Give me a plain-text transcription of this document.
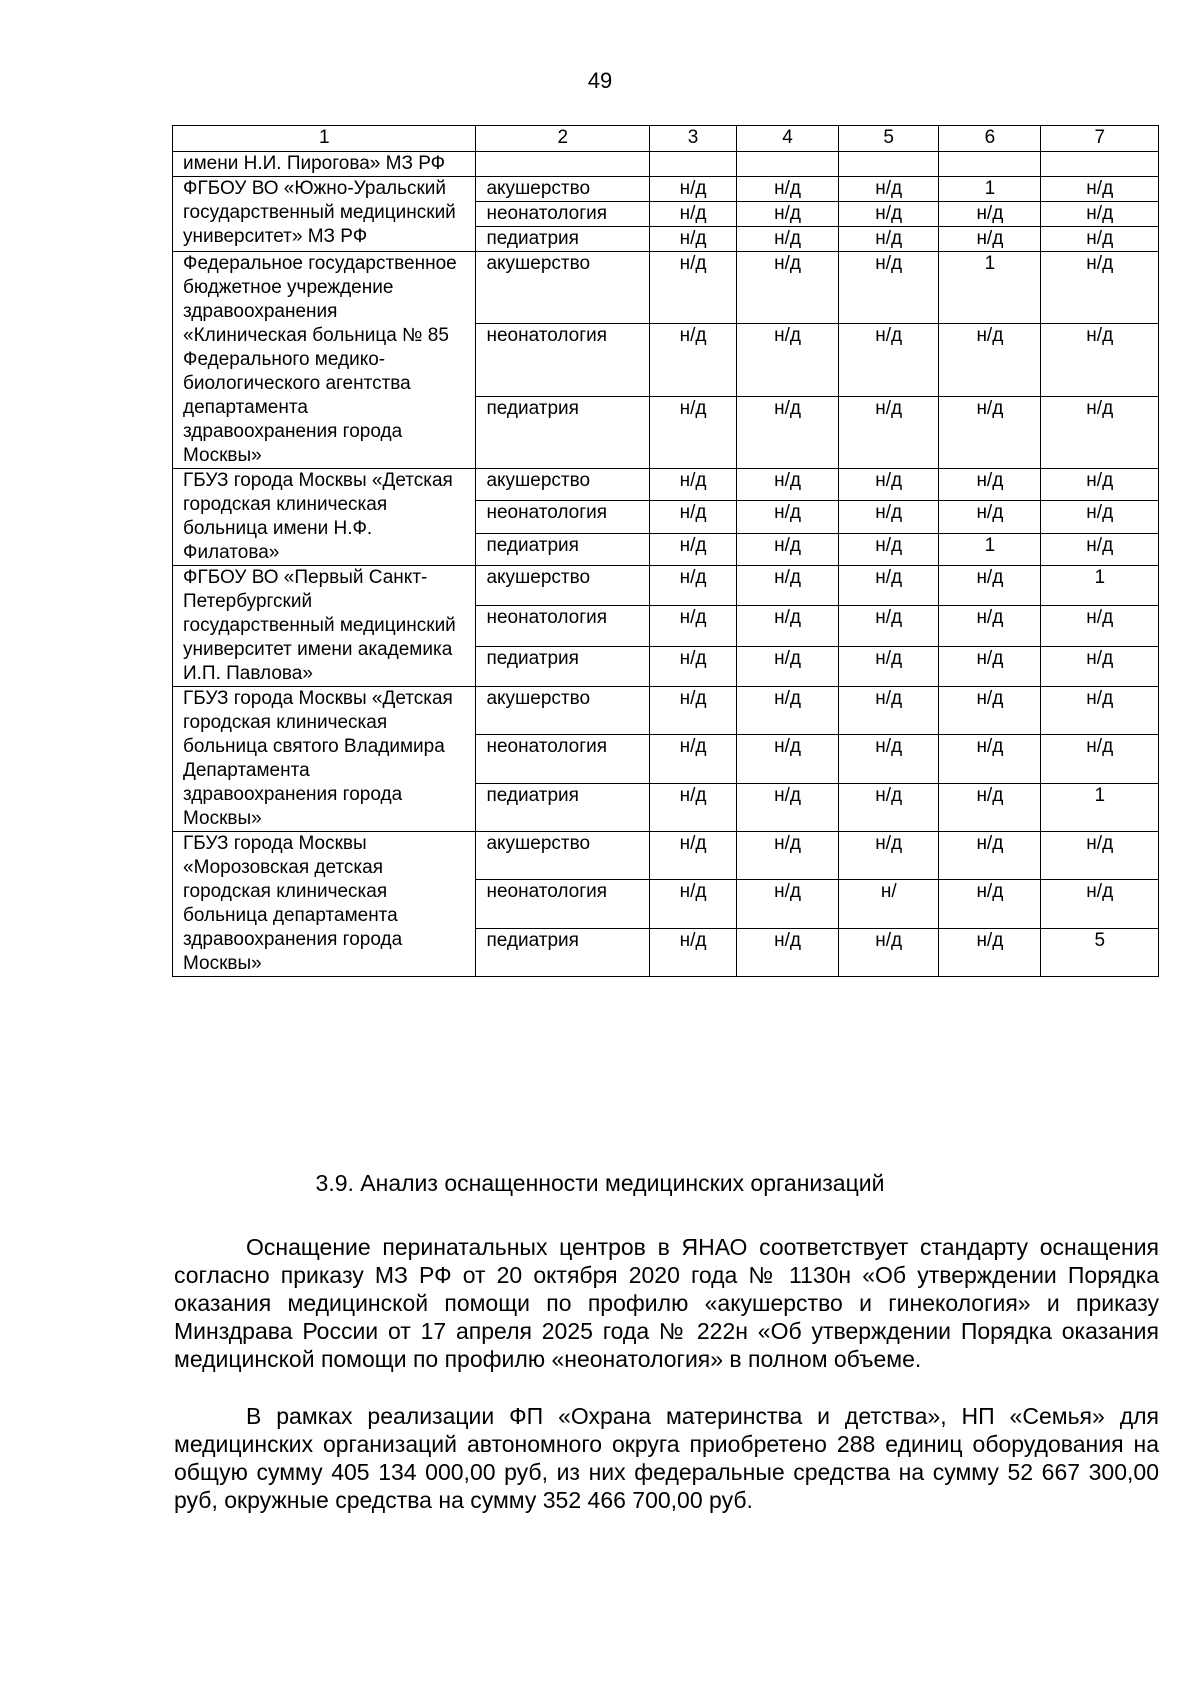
49
1	2	3	4	5	6	7
имени Н.И. Пирогова» МЗ РФ						
ФГБОУ ВО «Южно-Уральский государственный медицинский университет» МЗ РФ	акушерство	н/д	н/д	н/д	1	н/д
	неонатология	н/д	н/д	н/д	н/д	н/д
	педиатрия	н/д	н/д	н/д	н/д	н/д
Федеральное государственное бюджетное учреждение здравоохранения «Клиническая больница № 85 Федерального медико-биологического агентства департамента здравоохранения города Москвы»	акушерство	н/д	н/д	н/д	1	н/д
	неонатология	н/д	н/д	н/д	н/д	н/д
	педиатрия	н/д	н/д	н/д	н/д	н/д
ГБУЗ города Москвы «Детская городская клиническая больница имени Н.Ф. Филатова»	акушерство	н/д	н/д	н/д	н/д	н/д
	неонатология	н/д	н/д	н/д	н/д	н/д
	педиатрия	н/д	н/д	н/д	1	н/д
ФГБОУ ВО «Первый Санкт-Петербургский государственный медицинский университет имени академика И.П. Павлова»	акушерство	н/д	н/д	н/д	н/д	1
	неонатология	н/д	н/д	н/д	н/д	н/д
	педиатрия	н/д	н/д	н/д	н/д	н/д
ГБУЗ города Москвы «Детская городская клиническая больница святого Владимира Департамента здравоохранения города Москвы»	акушерство	н/д	н/д	н/д	н/д	н/д
	неонатология	н/д	н/д	н/д	н/д	н/д
	педиатрия	н/д	н/д	н/д	н/д	1
ГБУЗ города Москвы «Морозовская детская городская клиническая больница департамента здравоохранения города Москвы»	акушерство	н/д	н/д	н/д	н/д	н/д
	неонатология	н/д	н/д	н/	н/д	н/д
	педиатрия	н/д	н/д	н/д	н/д	5
3.9. Анализ оснащенности медицинских организаций

Оснащение перинатальных центров в ЯНАО соответствует стандарту оснащения согласно приказу МЗ РФ от 20 октября 2020 года № 1130н «Об утверждении Порядка оказания медицинской помощи по профилю «акушерство и гинекология» и приказу Минздрава России от 17 апреля 2025 года № 222н «Об утверждении Порядка оказания медицинской помощи по профилю «неонатология» в полном объеме.

В рамках реализации ФП «Охрана материнства и детства», НП «Семья» для медицинских организаций автономного округа приобретено 288 единиц оборудования на общую сумму 405 134 000,00 руб, из них федеральные средства на сумму 52 667 300,00 руб, окружные средства на сумму 352 466 700,00 руб.
